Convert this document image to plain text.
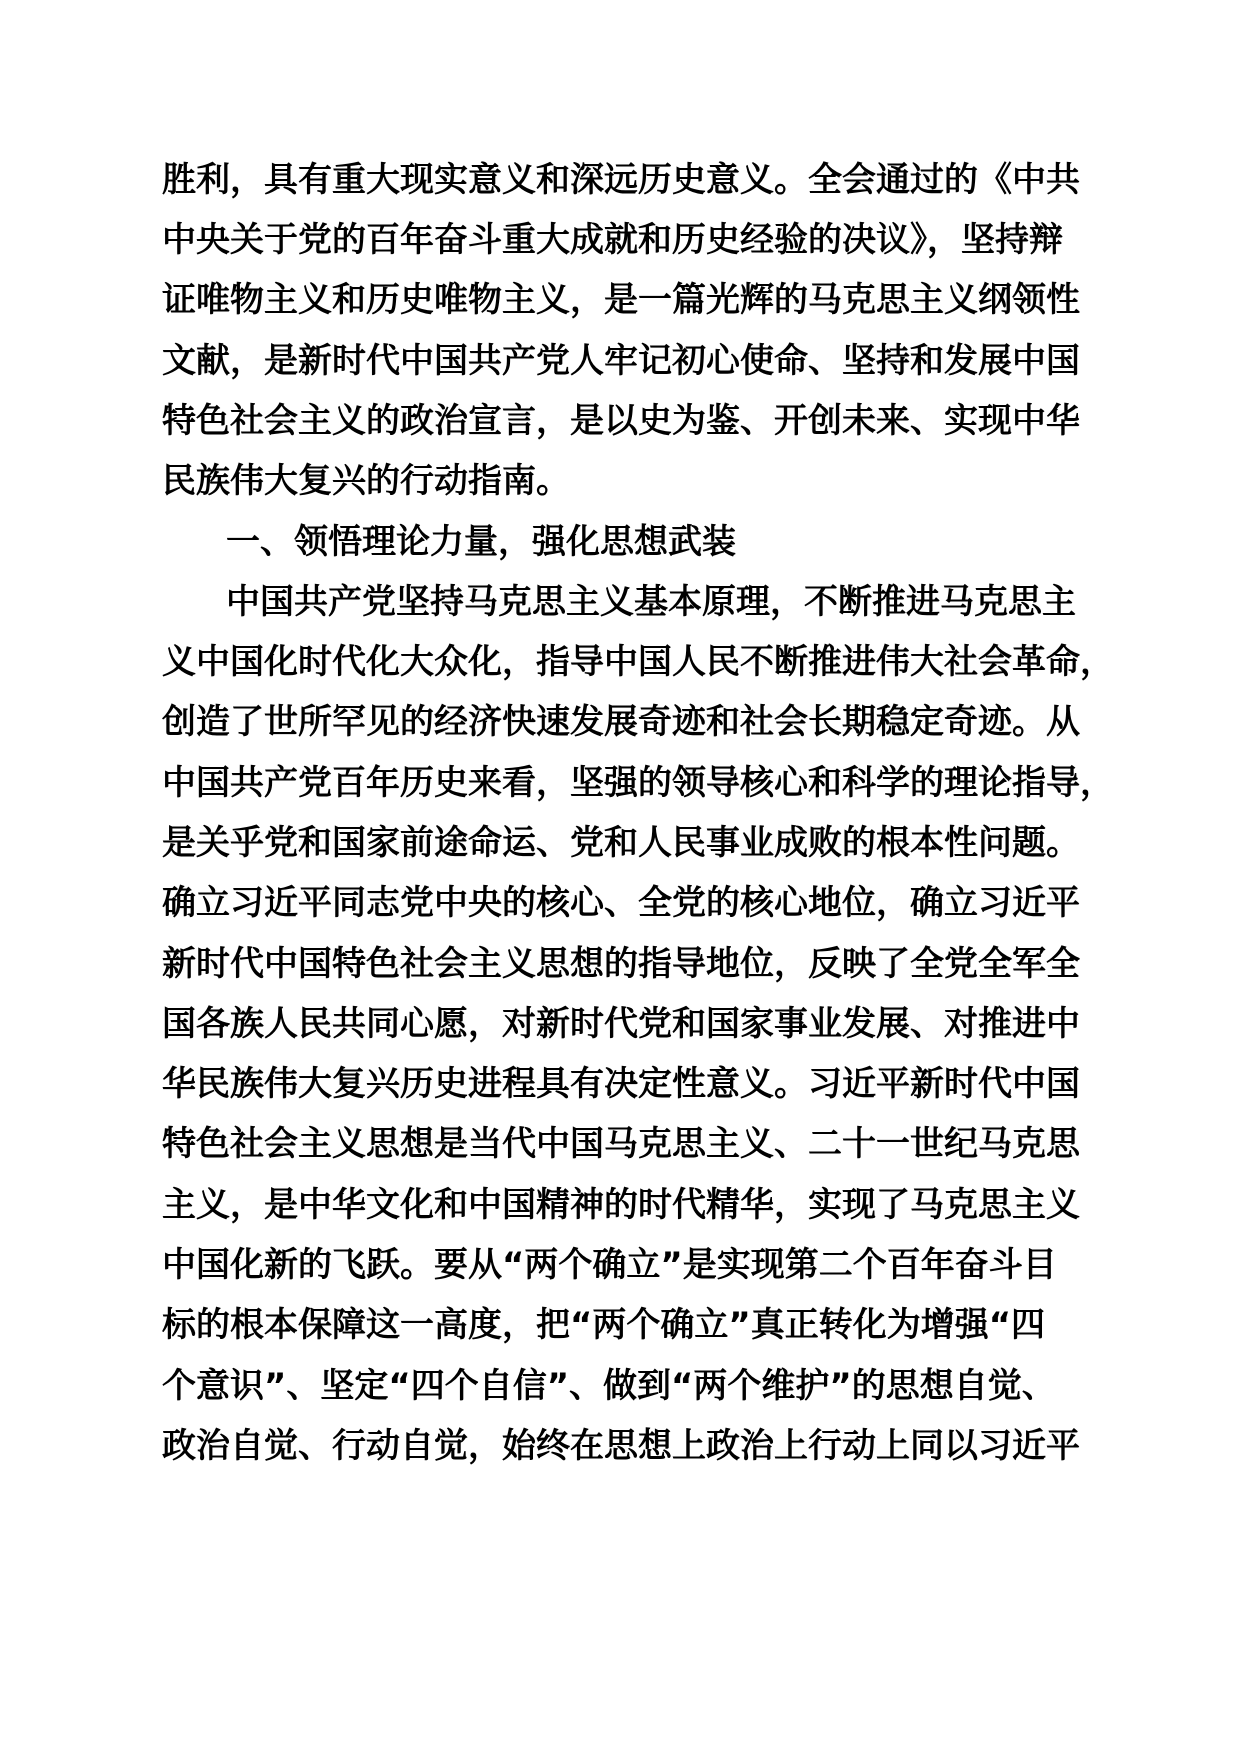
胜利，具有重大现实意义和深远历史意义。全会通过的《中共
中央关于党的百年奋斗重大成就和历史经验的决议》，坚持辩
证唯物主义和历史唯物主义，是一篇光辉的马克思主义纲领性
文献，是新时代中国共产党人牢记初心使命、坚持和发展中国
特色社会主义的政治宣言，是以史为鉴、开创未来、实现中华
民族伟大复兴的行动指南。
一、领悟理论力量，强化思想武装
中国共产党坚持马克思主义基本原理，不断推进马克思主
义中国化时代化大众化，指导中国人民不断推进伟大社会革命，
创造了世所罕见的经济快速发展奇迹和社会长期稳定奇迹。从
中国共产党百年历史来看，坚强的领导核心和科学的理论指导，
是关乎党和国家前途命运、党和人民事业成败的根本性问题。
确立习近平同志党中央的核心、全党的核心地位，确立习近平
新时代中国特色社会主义思想的指导地位，反映了全党全军全
国各族人民共同心愿，对新时代党和国家事业发展、对推进中
华民族伟大复兴历史进程具有决定性意义。习近平新时代中国
特色社会主义思想是当代中国马克思主义、二十一世纪马克思
主义，是中华文化和中国精神的时代精华，实现了马克思主义
中国化新的飞跃。要从“两个确立”是实现第二个百年奋斗目
标的根本保障这一高度，把“两个确立”真正转化为增强“四
个意识”、坚定“四个自信”、做到“两个维护”的思想自觉、
政治自觉、行动自觉，始终在思想上政治上行动上同以习近平
